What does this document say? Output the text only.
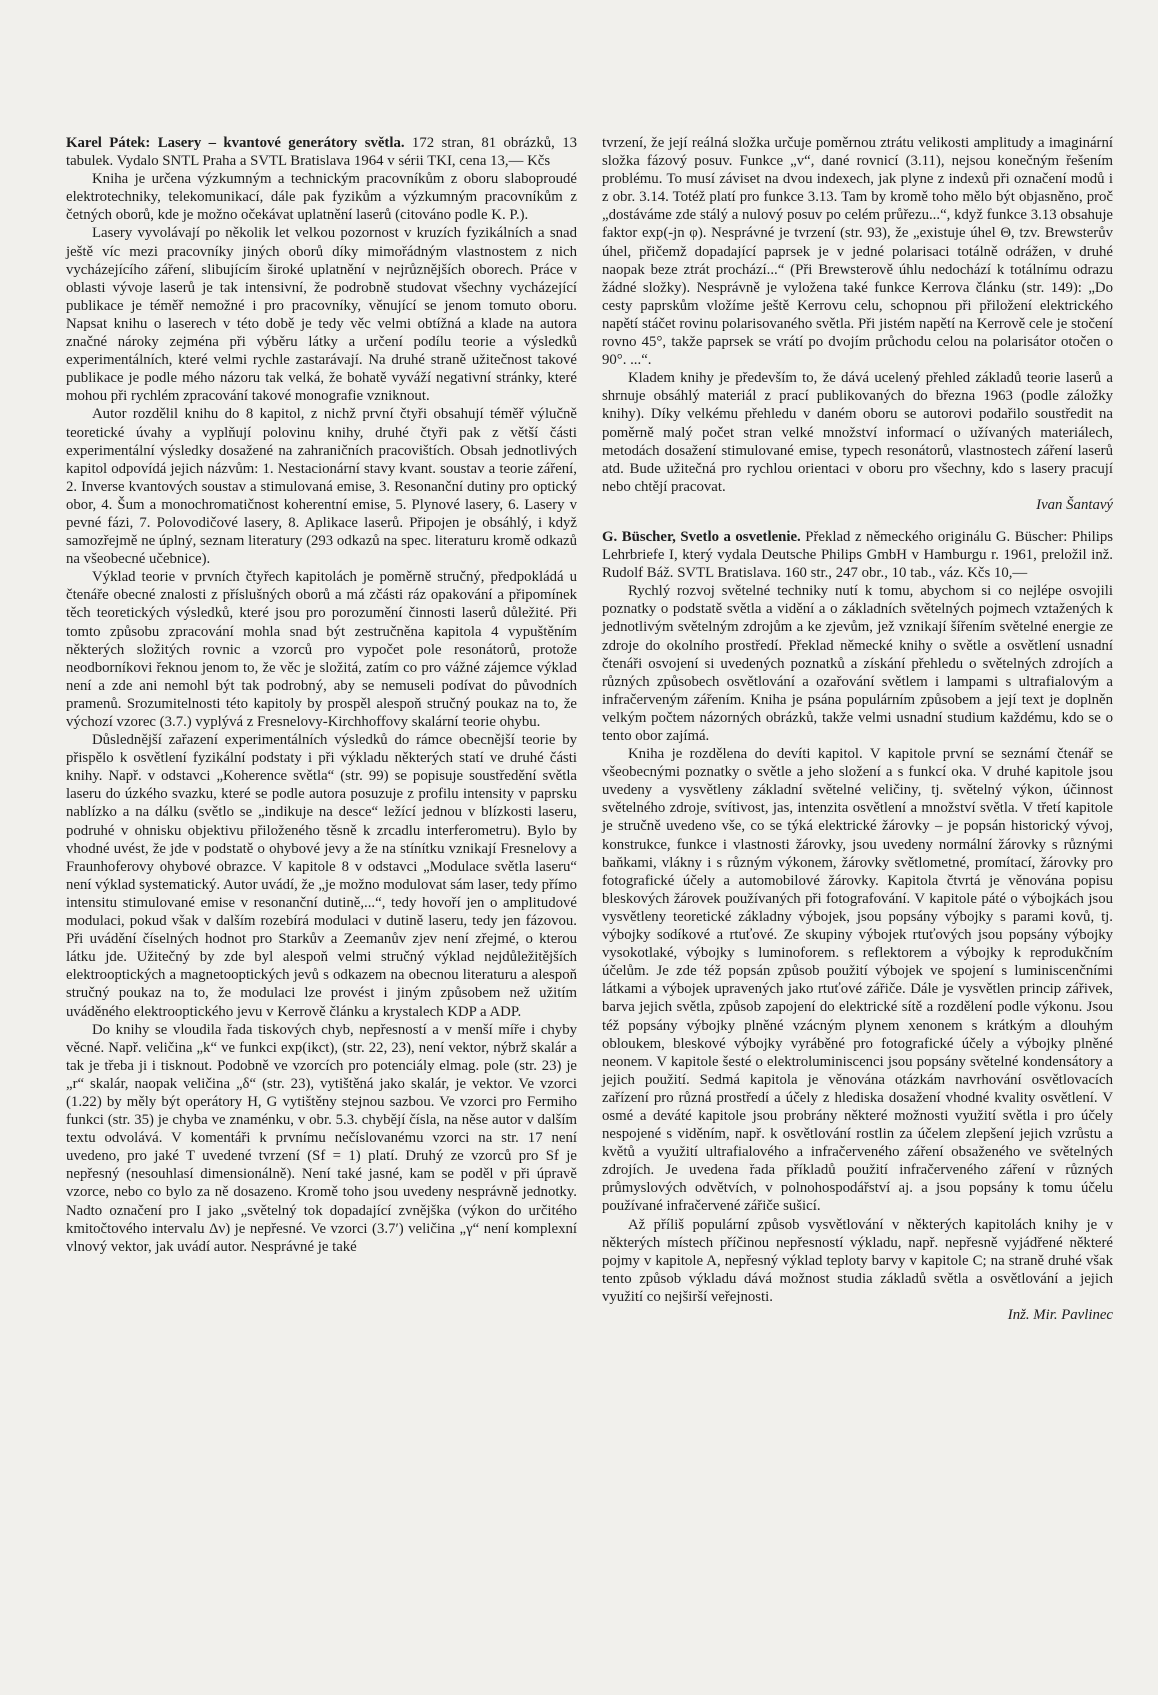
Karel Pátek: Lasery – kvantové generátory světla. 172 stran, 81 obrázků, 13 tabulek. Vydalo SNTL Praha a SVTL Bratislava 1964 v sérii TKI, cena 13,— Kčs

Kniha je určena výzkumným a technickým pracovníkům z oboru slaboproudé elektrotechniky, telekomunikací, dále pak fyzikům a výzkumným pracovníkům z četných oborů, kde je možno očekávat uplatnění laserů (citováno podle K. P.).

Lasery vyvolávají po několik let velkou pozornost v kruzích fyzikálních a snad ještě víc mezi pracovníky jiných oborů díky mimořádným vlastnostem z nich vycházejícího záření, slibujícím široké uplatnění v nejrůznějších oborech. Práce v oblasti vývoje laserů je tak intensivní, že podrobně studovat všechny vycházející publikace je téměř nemožné i pro pracovníky, věnující se jenom tomuto oboru. Napsat knihu o laserech v této době je tedy věc velmi obtížná a klade na autora značné nároky zejména při výběru látky a určení podílu teorie a výsledků experimentálních, které velmi rychle zastarávají. Na druhé straně užitečnost takové publikace je podle mého názoru tak velká, že bohatě vyváží negativní stránky, které mohou při rychlém zpracování takové monografie vzniknout.

Autor rozdělil knihu do 8 kapitol, z nichž první čtyři obsahují téměř výlučně teoretické úvahy a vyplňují polovinu knihy, druhé čtyři pak z větší části experimentální výsledky dosažené na zahraničních pracovištích. Obsah jednotlivých kapitol odpovídá jejich názvům: 1. Nestacionární stavy kvant. soustav a teorie záření, 2. Inverse kvantových soustav a stimulovaná emise, 3. Resonanční dutiny pro optický obor, 4. Šum a monochromatičnost koherentní emise, 5. Plynové lasery, 6. Lasery v pevné fázi, 7. Polovodičové lasery, 8. Aplikace laserů. Připojen je obsáhlý, i když samozřejmě ne úplný, seznam literatury (293 odkazů na spec. literaturu kromě odkazů na všeobecné učebnice).

Výklad teorie v prvních čtyřech kapitolách je poměrně stručný, předpokládá u čtenáře obecné znalosti z příslušných oborů a má zčásti ráz opakování a připomínek těch teoretických výsledků, které jsou pro porozumění činnosti laserů důležité. Při tomto způsobu zpracování mohla snad být zestručněna kapitola 4 vypuštěním některých složitých rovnic a vzorců pro vypočet pole resonátorů, protože neodborníkovi řeknou jenom to, že věc je složitá, zatím co pro vážné zájemce výklad není a zde ani nemohl být tak podrobný, aby se nemuseli podívat do původních pramenů. Srozumitelnosti této kapitoly by prospěl alespoň stručný poukaz na to, že výchozí vzorec (3.7.) vyplývá z Fresnelovy-Kirchhoffovy skalární teorie ohybu.

Důslednější zařazení experimentálních výsledků do rámce obecnější teorie by přispělo k osvětlení fyzikální podstaty i při výkladu některých statí ve druhé části knihy. Např. v odstavci „Koherence světla“ (str. 99) se popisuje soustředění světla laseru do úzkého svazku, které se podle autora posuzuje z profilu intensity v paprsku nablízko a na dálku (světlo se „indikuje na desce“ ležící jednou v blízkosti laseru, podruhé v ohnisku objektivu přiloženého těsně k zrcadlu interferometru). Bylo by vhodné uvést, že jde v podstatě o ohybové jevy a že na stínítku vznikají Fresnelovy a Fraunhoferovy ohybové obrazce. V kapitole 8 v odstavci „Modulace světla laseru“ není výklad systematický. Autor uvádí, že „je možno modulovat sám laser, tedy přímo intensitu stimulované emise v resonanční dutině,...“, tedy hovoří jen o amplitudové modulaci, pokud však v dalším rozebírá modulaci v dutině laseru, tedy jen fázovou. Při uvádění číselných hodnot pro Starkův a Zeemanův zjev není zřejmé, o kterou látku jde. Užitečný by zde byl alespoň velmi stručný výklad nejdůležitějších elektrooptických a magnetooptických jevů s odkazem na obecnou literaturu a alespoň stručný poukaz na to, že modulaci lze provést i jiným způsobem než užitím uváděného elektrooptického jevu v Kerrově článku a krystalech KDP a ADP.

Do knihy se vloudila řada tiskových chyb, nepřesností a v menší míře i chyby věcné. Např. veličina „k“ ve funkci exp(ikct), (str. 22, 23), není vektor, nýbrž skalár a tak je třeba ji i tisknout. Podobně ve vzorcích pro potenciály elmag. pole (str. 23) je „r“ skalár, naopak veličina „δ“ (str. 23), vytištěná jako skalár, je vektor. Ve vzorci (1.22) by měly být operátory H, G vytištěny stejnou sazbou. Ve vzorci pro Fermiho funkci (str. 35) je chyba ve znaménku, v obr. 5.3. chybějí čísla, na něse autor v dalším textu odvolává. V komentáři k prvnímu nečíslovanému vzorci na str. 17 není uvedeno, pro jaké T uvedené tvrzení (Sf = 1) platí. Druhý ze vzorců pro Sf je nepřesný (nesouhlasí dimensionálně). Není také jasné, kam se poděl ν při úpravě vzorce, nebo co bylo za ně dosazeno. Kromě toho jsou uvedeny nesprávně jednotky. Nadto označení pro I jako „světelný tok dopadající zvnějška (výkon do určitého kmitočtového intervalu Δν) je nepřesné. Ve vzorci (3.7′) veličina „γ“ není komplexní vlnový vektor, jak uvádí autor. Nesprávné je také

tvrzení, že její reálná složka určuje poměrnou ztrátu velikosti amplitudy a imaginární složka fázový posuv. Funkce „v“, dané rovnicí (3.11), nejsou konečným řešením problému. To musí záviset na dvou indexech, jak plyne z indexů při označení modů i z obr. 3.14. Totéž platí pro funkce 3.13. Tam by kromě toho mělo být objasněno, proč „dostáváme zde stálý a nulový posuv po celém průřezu...“, když funkce 3.13 obsahuje faktor exp(-jn φ). Nesprávné je tvrzení (str. 93), že „existuje úhel Θ, tzv. Brewsterův úhel, přičemž dopadající paprsek je v jedné polarisaci totálně odrážen, v druhé naopak beze ztrát prochází...“ (Při Brewsterově úhlu nedochází k totálnímu odrazu žádné složky). Nesprávně je vyložena také funkce Kerrova článku (str. 149): „Do cesty paprskům vložíme ještě Kerrovu celu, schopnou při přiložení elektrického napětí stáčet rovinu polarisovaného světla. Při jistém napětí na Kerrově cele je stočení rovno 45°, takže paprsek se vrátí po dvojím průchodu celou na polarisátor otočen o 90°. ...“.

Kladem knihy je především to, že dává ucelený přehled základů teorie laserů a shrnuje obsáhlý materiál z prací publikovaných do března 1963 (podle záložky knihy). Díky velkému přehledu v daném oboru se autorovi podařilo soustředit na poměrně malý počet stran velké množství informací o užívaných materiálech, metodách dosažení stimulované emise, typech resonátorů, vlastnostech záření laserů atd. Bude užitečná pro rychlou orientaci v oboru pro všechny, kdo s lasery pracují nebo chtějí pracovat.

Ivan Šantavý

G. Büscher, Svetlo a osvetlenie. Překlad z německého originálu G. Büscher: Philips Lehrbriefe I, který vydala Deutsche Philips GmbH v Hamburgu r. 1961, preložil inž. Rudolf Báž. SVTL Bratislava. 160 str., 247 obr., 10 tab., váz. Kčs 10,—

Rychlý rozvoj světelné techniky nutí k tomu, abychom si co nejlépe osvojili poznatky o podstatě světla a vidění a o základních světelných pojmech vztažených k jednotlivým světelným zdrojům a ke zjevům, jež vznikají šířením světelné energie ze zdroje do okolního prostředí. Překlad německé knihy o světle a osvětlení usnadní čtenáři osvojení si uvedených poznatků a získání přehledu o světelných zdrojích a různých způsobech osvětlování a ozařování světlem i lampami s ultrafialovým a infračerveným zářením. Kniha je psána populárním způsobem a její text je doplněn velkým počtem názorných obrázků, takže velmi usnadní studium každému, kdo se o tento obor zajímá.

Kniha je rozdělena do devíti kapitol. V kapitole první se seznámí čtenář se všeobecnými poznatky o světle a jeho složení a s funkcí oka. V druhé kapitole jsou uvedeny a vysvětleny základní světelné veličiny, tj. světelný výkon, účinnost světelného zdroje, svítivost, jas, intenzita osvětlení a množství světla. V třetí kapitole je stručně uvedeno vše, co se týká elektrické žárovky – je popsán historický vývoj, konstrukce, funkce i vlastnosti žárovky, jsou uvedeny normální žárovky s různými baňkami, vlákny i s různým výkonem, žárovky světlometné, promítací, žárovky pro fotografické účely a automobilové žárovky. Kapitola čtvrtá je věnována popisu bleskových žárovek používaných při fotografování. V kapitole páté o výbojkách jsou vysvětleny teoretické základny výbojek, jsou popsány výbojky s parami kovů, tj. výbojky sodíkové a rtuťové. Ze skupiny výbojek rtuťových jsou popsány výbojky vysokotlaké, výbojky s luminoforem. s reflektorem a výbojky k reprodukčním účelům. Je zde též popsán způsob použití výbojek ve spojení s luminiscenčními látkami a výbojek upravených jako rtuťové zářiče. Dále je vysvětlen princip zářivek, barva jejich světla, způsob zapojení do elektrické sítě a rozdělení podle výkonu. Jsou též popsány výbojky plněné vzácným plynem xenonem s krátkým a dlouhým obloukem, bleskové výbojky vyráběné pro fotografické účely a výbojky plněné neonem. V kapitole šesté o elektroluminiscenci jsou popsány světelné kondensátory a jejich použití. Sedmá kapitola je věnována otázkám navrhování osvětlovacích zařízení pro různá prostředí a účely z hlediska dosažení vhodné kvality osvětlení. V osmé a deváté kapitole jsou probrány některé možnosti využití světla i pro účely nespojené s viděním, např. k osvětlování rostlin za účelem zlepšení jejich vzrůstu a květů a využití ultrafialového a infračerveného záření obsaženého ve světelných zdrojích. Je uvedena řada příkladů použití infračerveného záření v různých průmyslových odvětvích, v polnohospodářství aj. a jsou popsány k tomu účelu používané infračervené zářiče sušicí.

Až příliš populární způsob vysvětlování v některých kapitolách knihy je v některých místech příčinou nepřesností výkladu, např. nepřesně vyjádřené některé pojmy v kapitole A, nepřesný výklad teploty barvy v kapitole C; na straně druhé však tento způsob výkladu dává možnost studia základů světla a osvětlování a jejich využití co nejširší veřejnosti.

Inž. Mir. Pavlinec
